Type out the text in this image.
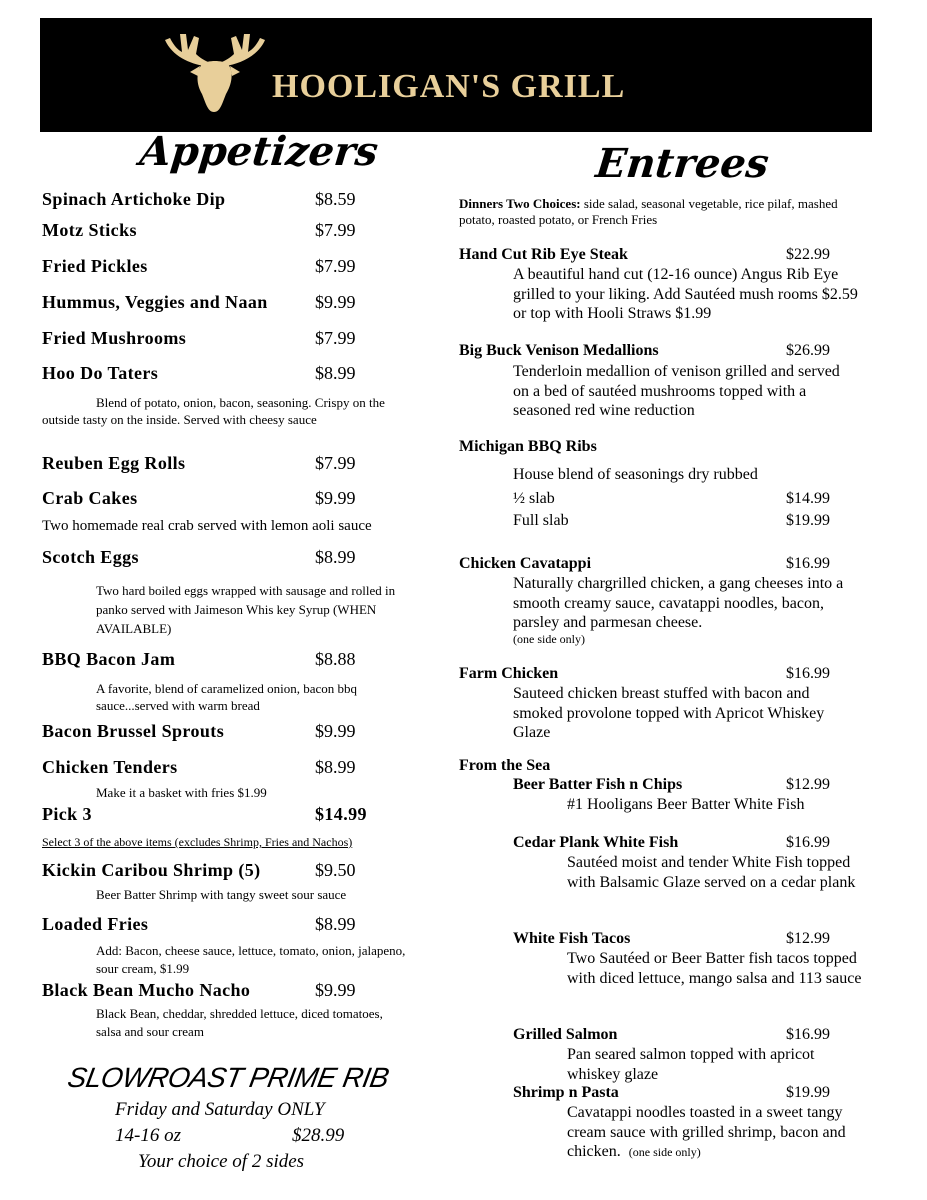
HOOLIGAN'S GRILL
Appetizers	Entrees
Spinach Artichoke Dip	$8.59
Motz Sticks	$7.99
Fried Pickles	$7.99
Hummus, Veggies and Naan	$9.99
Fried Mushrooms	$7.99
Hoo Do Taters	$8.99
Blend of potato, onion, bacon, seasoning. Crispy on the outside tasty on the inside. Served with cheesy sauce
Reuben Egg Rolls	$7.99
Crab Cakes	$9.99
Two homemade real crab served with lemon aoli sauce
Scotch Eggs	$8.99
Two hard boiled eggs wrapped with sausage and rolled in panko served with Jaimeson Whis key Syrup (WHEN AVAILABLE)
BBQ Bacon Jam	$8.88
A favorite, blend of caramelized onion, bacon bbq sauce...served with warm bread
Bacon Brussel Sprouts	$9.99
Chicken Tenders	$8.99
Make it a basket with fries $1.99
Pick 3	$14.99
Select 3 of the above items (excludes Shrimp, Fries and Nachos)
Kickin Caribou Shrimp (5)	$9.50
Beer Batter Shrimp with tangy sweet sour sauce
Loaded Fries	$8.99
Add: Bacon, cheese sauce, lettuce, tomato, onion, jalapeno, sour cream, $1.99
Black Bean Mucho Nacho	$9.99
Black Bean, cheddar, shredded lettuce, diced tomatoes, salsa and sour cream
SLOWROAST PRIME RIB
Friday and Saturday ONLY
14-16 oz	$28.99
Your choice of 2 sides
Dinners Two Choices: side salad, seasonal vegetable, rice pilaf, mashed potato, roasted potato, or French Fries
Hand Cut Rib Eye Steak	$22.99
A beautiful hand cut (12-16 ounce) Angus Rib Eye grilled to your liking. Add Sautéed mush rooms $2.59 or top with Hooli Straws $1.99
Big Buck Venison Medallions	$26.99
Tenderloin medallion of venison grilled and served on a bed of sautéed mushrooms topped with a seasoned red wine reduction
Michigan BBQ Ribs
House blend of seasonings dry rubbed
½ slab	$14.99
Full slab	$19.99
Chicken Cavatappi	$16.99
Naturally chargrilled chicken, a gang cheeses into a smooth creamy sauce, cavatappi noodles, bacon, parsley and parmesan cheese.
(one side only)
Farm Chicken	$16.99
Sauteed chicken breast stuffed with bacon and smoked provolone topped with Apricot Whiskey Glaze
From the Sea
Beer Batter Fish n Chips	$12.99
#1 Hooligans Beer Batter White Fish
Cedar Plank White Fish	$16.99
Sautéed moist and tender White Fish topped with Balsamic Glaze served on a cedar plank
White Fish Tacos	$12.99
Two Sautéed or Beer Batter fish tacos topped with diced lettuce, mango salsa and 113 sauce
Grilled Salmon	$16.99
Pan seared salmon topped with apricot whiskey glaze
Shrimp n Pasta	$19.99
Cavatappi noodles toasted in a sweet tangy cream sauce with grilled shrimp, bacon and chicken. (one side only)
